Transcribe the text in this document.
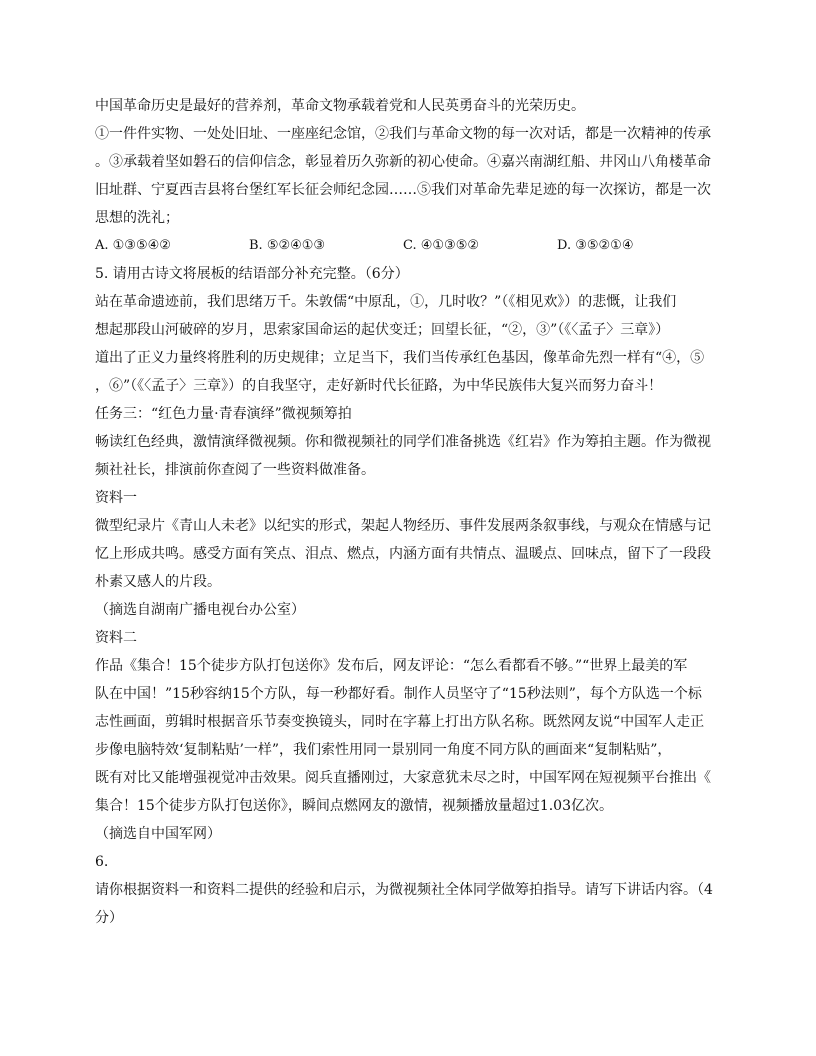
中国革命历史是最好的营养剂，革命文物承载着党和人民英勇奋斗的光荣历史。
①一件件实物、一处处旧址、一座座纪念馆，②我们与革命文物的每一次对话，都是一次精神的传承
。③承载着坚如磐石的信仰信念，彰显着历久弥新的初心使命。④嘉兴南湖红船、井冈山八角楼革命
旧址群、宁夏西吉县将台堡红军长征会师纪念园……⑤我们对革命先辈足迹的每一次探访，都是一次
思想的洗礼；
A. ①③⑤④②	B. ⑤②④①③	C. ④①③⑤②	D. ③⑤②①④
5. 请用古诗文将展板的结语部分补充完整。（6分）
站在革命遗迹前，我们思绪万千。朱敦儒“中原乱，①，几时收？”（《相见欢》）的悲慨，让我们
想起那段山河破碎的岁月，思索家国命运的起伏变迁；回望长征，“②，③”（《〈孟子〉三章》）
道出了正义力量终将胜利的历史规律；立足当下，我们当传承红色基因，像革命先烈一样有“④，⑤
，⑥”（《〈孟子〉三章》）的自我坚守，走好新时代长征路，为中华民族伟大复兴而努力奋斗！
任务三：“红色力量·青春演绎”微视频筹拍
畅读红色经典，激情演绎微视频。你和微视频社的同学们准备挑选《红岩》作为筹拍主题。作为微视
频社社长，排演前你查阅了一些资料做准备。
资料一
微型纪录片《青山人未老》以纪实的形式，架起人物经历、事件发展两条叙事线，与观众在情感与记
忆上形成共鸣。感受方面有笑点、泪点、燃点，内涵方面有共情点、温暖点、回味点，留下了一段段
朴素又感人的片段。
（摘选自湖南广播电视台办公室）
资料二
作品《集合！15个徒步方队打包送你》发布后，网友评论：“怎么看都看不够。”“世界上最美的军
队在中国！”15秒容纳15个方队，每一秒都好看。制作人员坚守了“15秒法则”，每个方队选一个标
志性画面，剪辑时根据音乐节奏变换镜头，同时在字幕上打出方队名称。既然网友说“中国军人走正
步像电脑特效‘复制粘贴’一样”，我们索性用同一景别同一角度不同方队的画面来“复制粘贴”，
既有对比又能增强视觉冲击效果。阅兵直播刚过，大家意犹未尽之时，中国军网在短视频平台推出《
集合！15个徒步方队打包送你》，瞬间点燃网友的激情，视频播放量超过1.03亿次。
（摘选自中国军网）
6.
请你根据资料一和资料二提供的经验和启示，为微视频社全体同学做筹拍指导。请写下讲话内容。（4
分）
